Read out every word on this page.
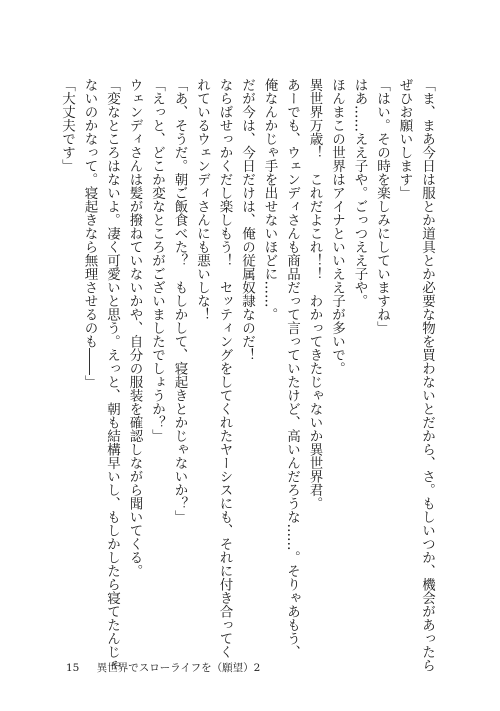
「ま、まあ今日は服とか道具とか必要な物を買わないとだから、さ。もしいつか、機会があったら
ぜひお願いします」
「はい。その時を楽しみにしていますね」
はあ……ええ子や。ごっつええ子や。
ほんまこの世界はアイナといいええ子が多いで。
異世界万歳！　これだよこれ！！　わかってきたじゃないか異世界君。
あーでも、ウェンディさんも商品だって言っていたけど、高いんだろうな……。そりゃあもう、
俺なんかじゃ手を出せないほどに……。
だが今は、今日だけは、俺の従属奴隷なのだ！
ならばせっかくだし楽しもう！　セッティングをしてくれたヤーシスにも、それに付き合ってく
れているウェンディさんにも悪いしな！
「あ、そうだ。朝ご飯食べた？　もしかして、寝起きとかじゃないか？」
「えっと、どこか変なところがございましたでしょうか？」
ウェンディさんは髪が撥ねていないかや、自分の服装を確認しながら聞いてくる。
「変なところはないよ。凄く可愛いと思う。えっと、朝も結構早いし、もしかしたら寝てたんじゃ
ないのかなって。寝起きなら無理させるのも――」
「大丈夫です」
15 異世界でスローライフを（願望）2
